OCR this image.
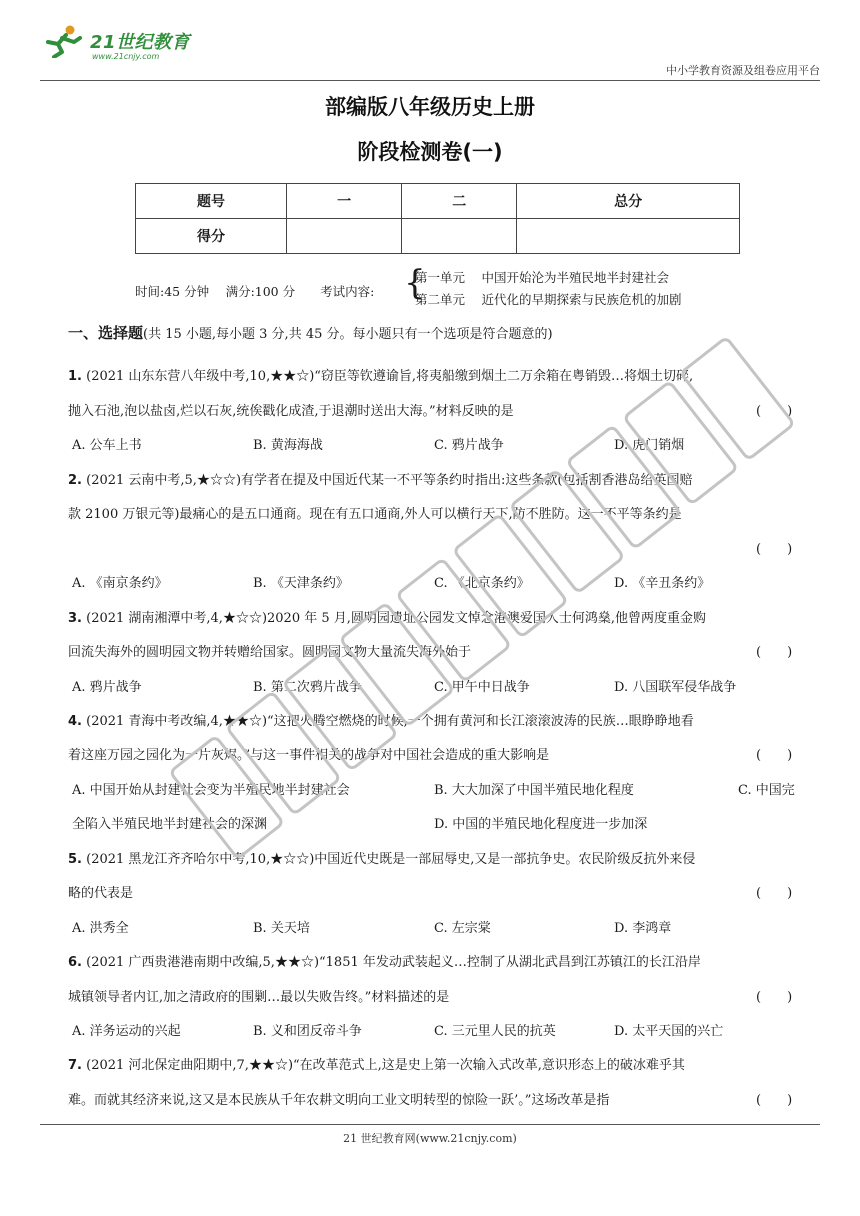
21世纪教育
www.21cnjy.com
中小学教育资源及组卷应用平台
部编版八年级历史上册
阶段检测卷(一)
题号	一	二	总分
得分			
时间:45 分钟　 满分:100 分　　考试内容: {
第一单元　 中国开始沦为半殖民地半封建社会
第二单元　 近代化的早期探索与民族危机的加剧
一、选择题(共 15 小题,每小题 3 分,共 45 分。每小题只有一个选项是符合题意的)
1. (2021 山东东营八年级中考,10,★★☆)“窃臣等钦遵谕旨,将夷船缴到烟土二万余箱在粤销毁…将烟土切碎,
抛入石池,泡以盐卤,烂以石灰,统俟戳化成渣,于退潮时送出大海。”材料反映的是	(　　)
A. 公车上书	B. 黄海海战	C. 鸦片战争	D. 虎门销烟
2. (2021 云南中考,5,★☆☆)有学者在提及中国近代某一不平等条约时指出:这些条款(包括割香港岛给英国赔
款 2100 万银元等)最痛心的是五口通商。现在有五口通商,外人可以横行天下,防不胜防。这一不平等条约是
(　　)
A. 《南京条约》	B. 《天津条约》	C. 《北京条约》	D. 《辛丑条约》
3. (2021 湖南湘潭中考,4,★☆☆)2020 年 5 月,圆明园遗址公园发文悼念港澳爱国人士何鸿燊,他曾两度重金购
回流失海外的圆明园文物并转赠给国家。圆明园文物大量流失海外始于	(　　)
A. 鸦片战争	B. 第二次鸦片战争	C. 甲午中日战争	D. 八国联军侵华战争
4. (2021 青海中考改编,4,★★☆)“这把火腾空燃烧的时候,一个拥有黄河和长江滚滚波涛的民族…眼睁睁地看
着这座万园之园化为一片灰烬。”与这一事件相关的战争对中国社会造成的重大影响是	(　　)
A. 中国开始从封建社会变为半殖民地半封建社会	B. 大大加深了中国半殖民地化程度	C. 中国完
全陷入半殖民地半封建社会的深渊	D. 中国的半殖民地化程度进一步加深
5. (2021 黑龙江齐齐哈尔中考,10,★☆☆)中国近代史既是一部屈辱史,又是一部抗争史。农民阶级反抗外来侵
略的代表是	(　　)
A. 洪秀全	B. 关天培	C. 左宗棠	D. 李鸿章
6. (2021 广西贵港港南期中改编,5,★★☆)“1851 年发动武装起义…控制了从湖北武昌到江苏镇江的长江沿岸
城镇领导者内讧,加之清政府的围剿…最以失败告终。”材料描述的是	(　　)
A. 洋务运动的兴起	B. 义和团反帝斗争	C. 三元里人民的抗英	D. 太平天国的兴亡
7. (2021 河北保定曲阳期中,7,★★☆)“在改革范式上,这是史上第一次输入式改革,意识形态上的破冰难乎其
难。而就其经济来说,这又是本民族从千年农耕文明向工业文明转型的惊险一跃’。”这场改革是指	(　　)
21 世纪教育网(www.21cnjy.com)
